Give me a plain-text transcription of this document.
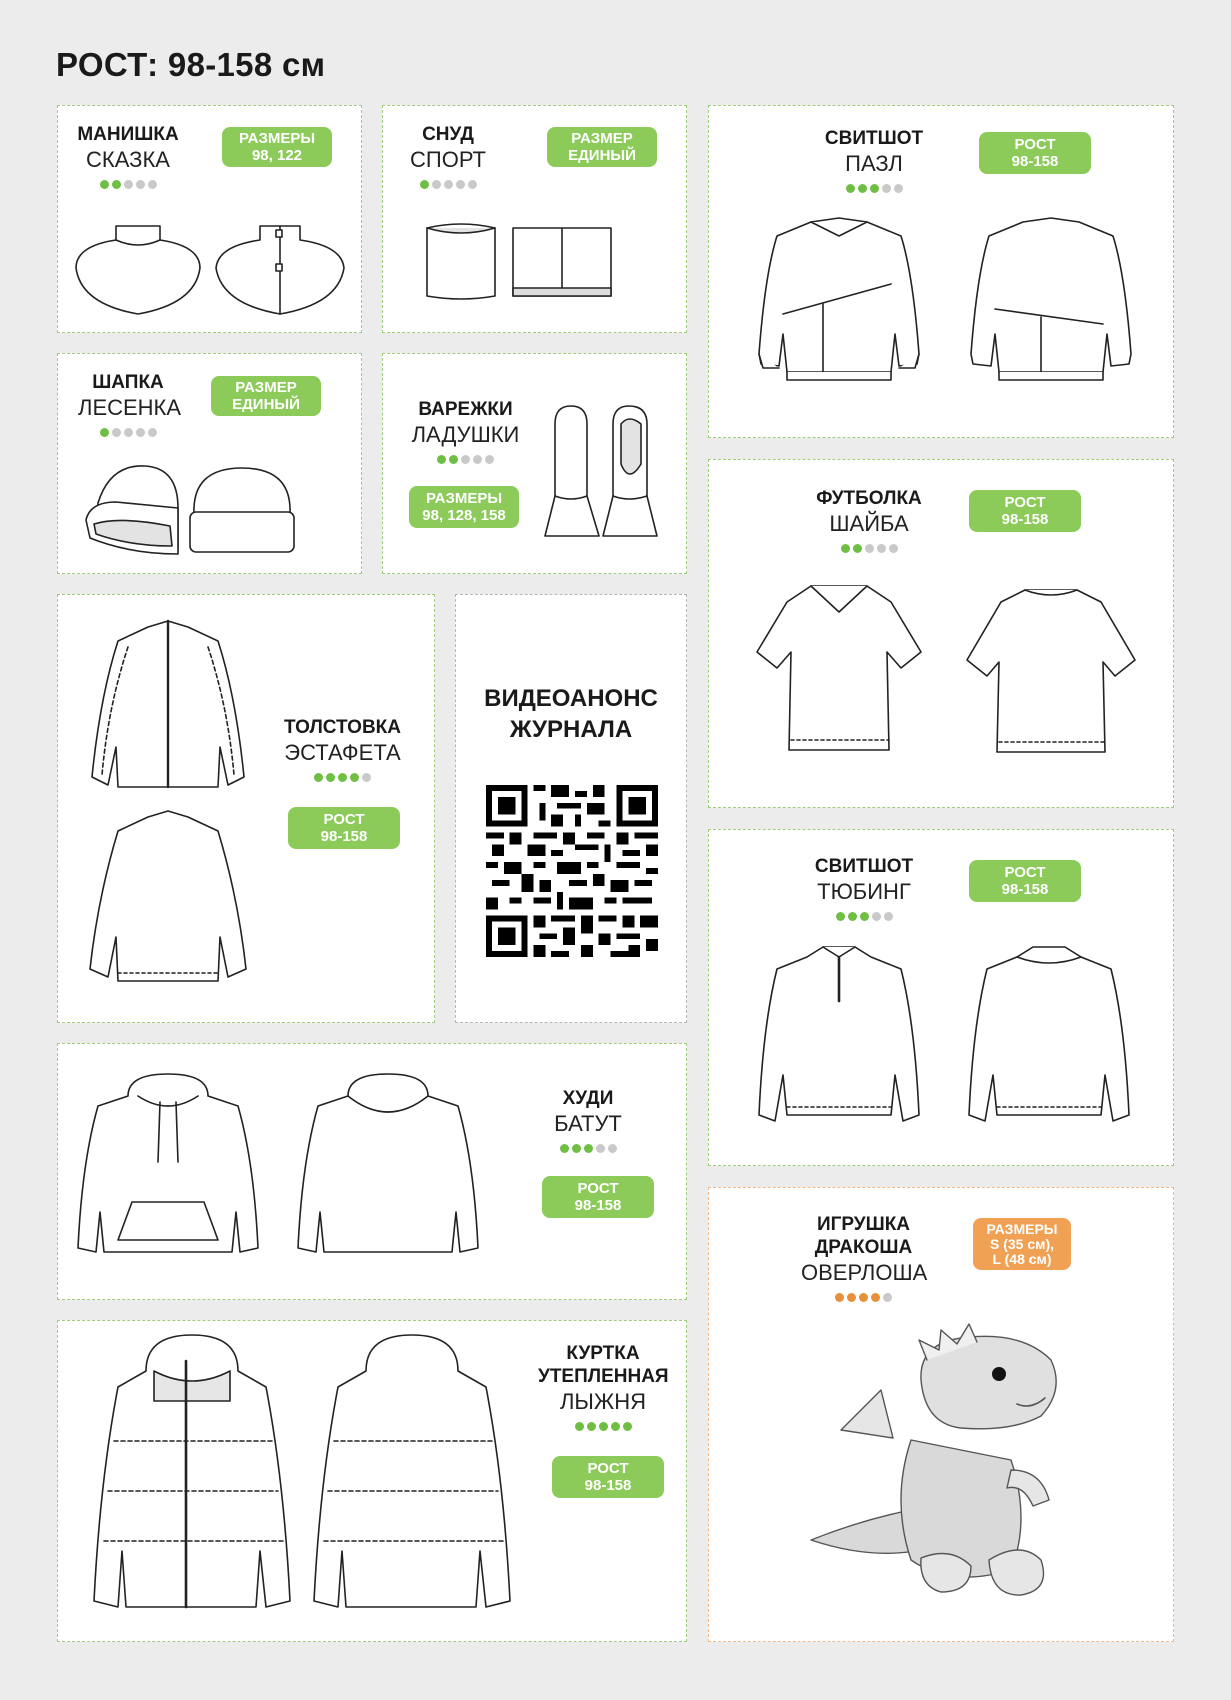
РОСТ: 98-158 см
МАНИШКА
СКАЗКА
РАЗМЕРЫ
98, 122
СНУД
СПОРТ
РАЗМЕР
ЕДИНЫЙ
СВИТШОТ
ПАЗЛ
РОСТ
98-158
ШАПКА
ЛЕСЕНКА
РАЗМЕР
ЕДИНЫЙ	ВАРЕЖКИ
ЛАДУШКИ
РАЗМЕРЫ
98, 128, 158
ФУТБОЛКА
ШАЙБА
РОСТ
98-158
ТОЛСТОВКА
ЭСТАФЕТА
РОСТ
98-158
ВИДЕОАНОНС
ЖУРНАЛА
СВИТШОТ
ТЮБИНГ
РОСТ
98-158
ХУДИ
БАТУТ
РОСТ
98-158
КУРТКА
УТЕПЛЕННАЯ
ЛЫЖНЯ
РОСТ
98-158
ИГРУШКА
ДРАКОША
ОВЕРЛОША
РАЗМЕРЫ
S (35 см),
L (48 см)
